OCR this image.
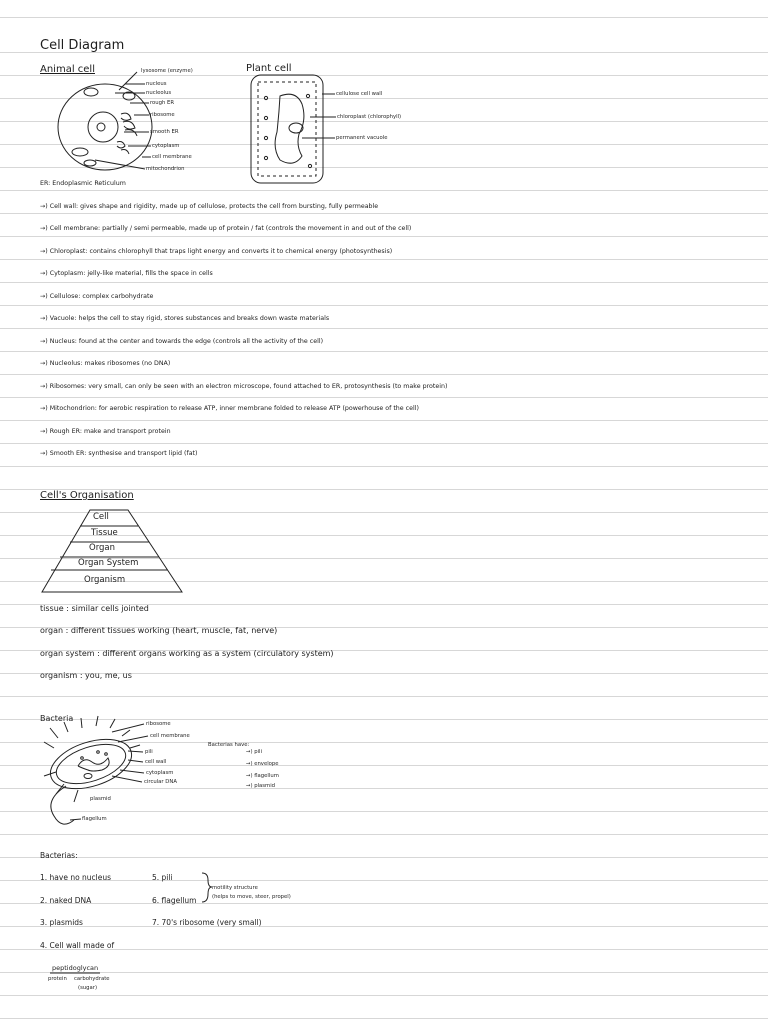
Cell Diagram
Animal cell	lysosome (enzyme)
nucleus
nucleolus
rough ER
ribosome
smooth ER
cytoplasm
cell membrane
mitochondrion
Plant cell
cellulose cell wall
chloroplast (chlorophyll)
permanent vacuole
ER: Endoplasmic Reticulum
→) Cell wall: gives shape and rigidity, made up of cellulose, protects the cell from bursting, fully permeable
→) Cell membrane: partially / semi permeable, made up of protein / fat (controls the movement in and out of the cell)
→) Chloroplast: contains chlorophyll that traps light energy and converts it to chemical energy (photosynthesis)
→) Cytoplasm: jelly-like material, fills the space in cells
→) Cellulose: complex carbohydrate
→) Vacuole: helps the cell to stay rigid, stores substances and breaks down waste materials
→) Nucleus: found at the center and towards the edge (controls all the activity of the cell)
→) Nucleolus: makes ribosomes (no DNA)
→) Ribosomes: very small, can only be seen with an electron microscope, found attached to ER, protosynthesis (to make protein)
→) Mitochondrion: for aerobic respiration to release ATP, inner membrane folded to release ATP (powerhouse of the cell)
→) Rough ER: make and transport protein
→) Smooth ER: synthesise and transport lipid (fat)
Cell's Organisation
Cell
Tissue
Organ
Organ System
Organism
tissue : similar cells jointed
organ : different tissues working (heart, muscle, fat, nerve)
organ system : different organs working as a system (circulatory system)
organism : you, me, us
Bacteria
ribosome
cell membrane
pili
cell wall
cytoplasm
circular DNA
plasmid
flagellum
Bacterias have:
→) pili
→) envelope
→) flagellum
→) plasmid
Bacterias:
1. have no nucleus
2. naked DNA
3. plasmids
4. Cell wall made of
5. pili
6. flagellum
7. 70's ribosome (very small)
motility structure
(helps to move, steer, propel)
peptidoglycan
protein carbohydrate
(sugar)
